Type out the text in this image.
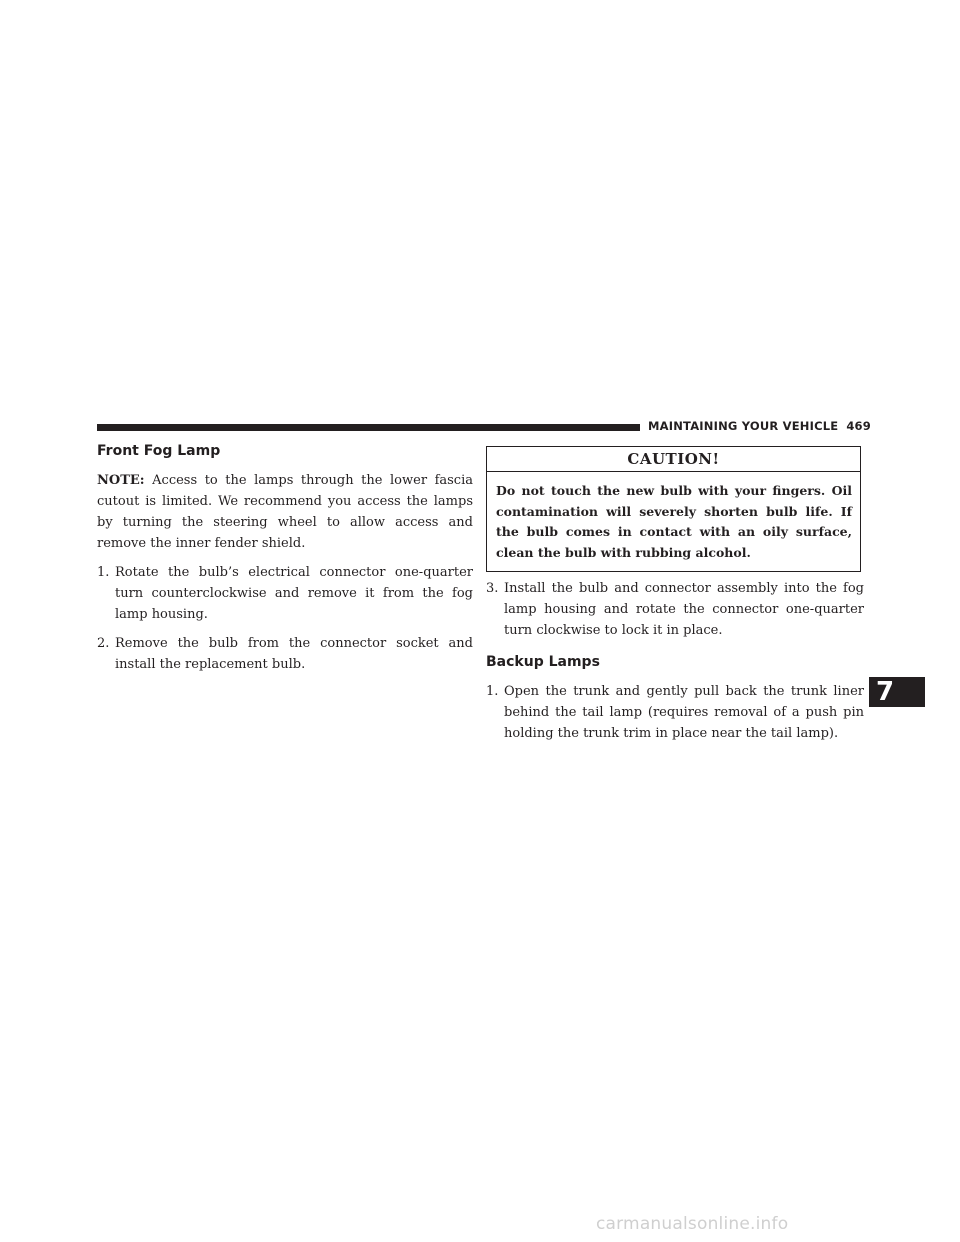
MAINTAINING YOUR VEHICLE 469
Front Fog Lamp

NOTE: Access to the lamps through the lower fascia cutout is limited. We recommend you access the lamps by turning the steering wheel to allow access and remove the inner fender shield.

1. Rotate the bulb’s electrical connector one-quarter turn counterclockwise and remove it from the fog lamp housing.
2. Remove the bulb from the connector socket and install the replacement bulb.
CAUTION!
Do not touch the new bulb with your fingers. Oil contamination will severely shorten bulb life. If the bulb comes in contact with an oily surface, clean the bulb with rubbing alcohol.
3. Install the bulb and connector assembly into the fog lamp housing and rotate the connector one-quarter turn clockwise to lock it in place.
Backup Lamps
1. Open the trunk and gently pull back the trunk liner behind the tail lamp (requires removal of a push pin holding the trunk trim in place near the tail lamp).
7
carmanualsonline.info
